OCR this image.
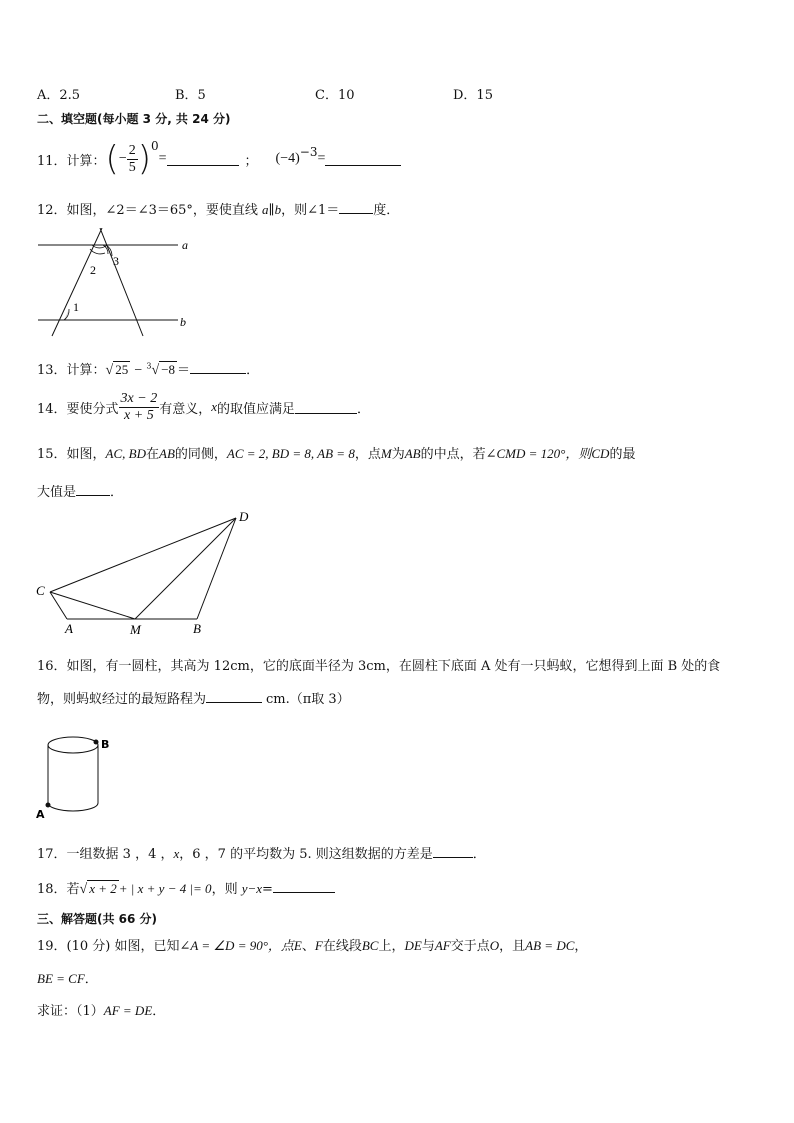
A．2.5	B．5	C．10	D．15
二、填空题(每小题 3 分, 共 24 分)
11．计算： ( − $\frac{2}{5}$ ) 0
=	； (−4) −3 =
12．如图，∠2＝∠3＝65°，要使直线 a∥b，则∠1＝	度．
a
b
1
2
3
13．计算：√ 25 − $^3$√ −8 ＝	．
14．要使分式 $\frac{3x - 2}{x + 5}$ 有意义， x 的取值应满足	．
15．如图，AC, BD在AB的同侧，AC = 2, BD = 8, AB = 8，点M为AB的中点，若∠CMD = 120°，则CD的最
大值是	．
C
A	M	B
D
16．如图，有一圆柱，其高为 12cm，它的底面半径为 3cm，在圆柱下底面 A 处有一只蚂蚁，它想得到上面 B 处的食
物，则蚂蚁经过的最短路程为	cm.（π取 3）
B
A
17．一组数据 3 ，4 ，x，6 ，7 的平均数为 5. 则这组数据的方差是	．
18．若√ x + 2 + | x + y − 4 |= 0，则 y−x=
三、解答题(共 66 分)
19．(10 分) 如图，已知∠A = ∠D = 90°，点E、F在线段BC上，DE与AF交于点O，且AB = DC，
BE = CF．
求证：（1）AF = DE．
